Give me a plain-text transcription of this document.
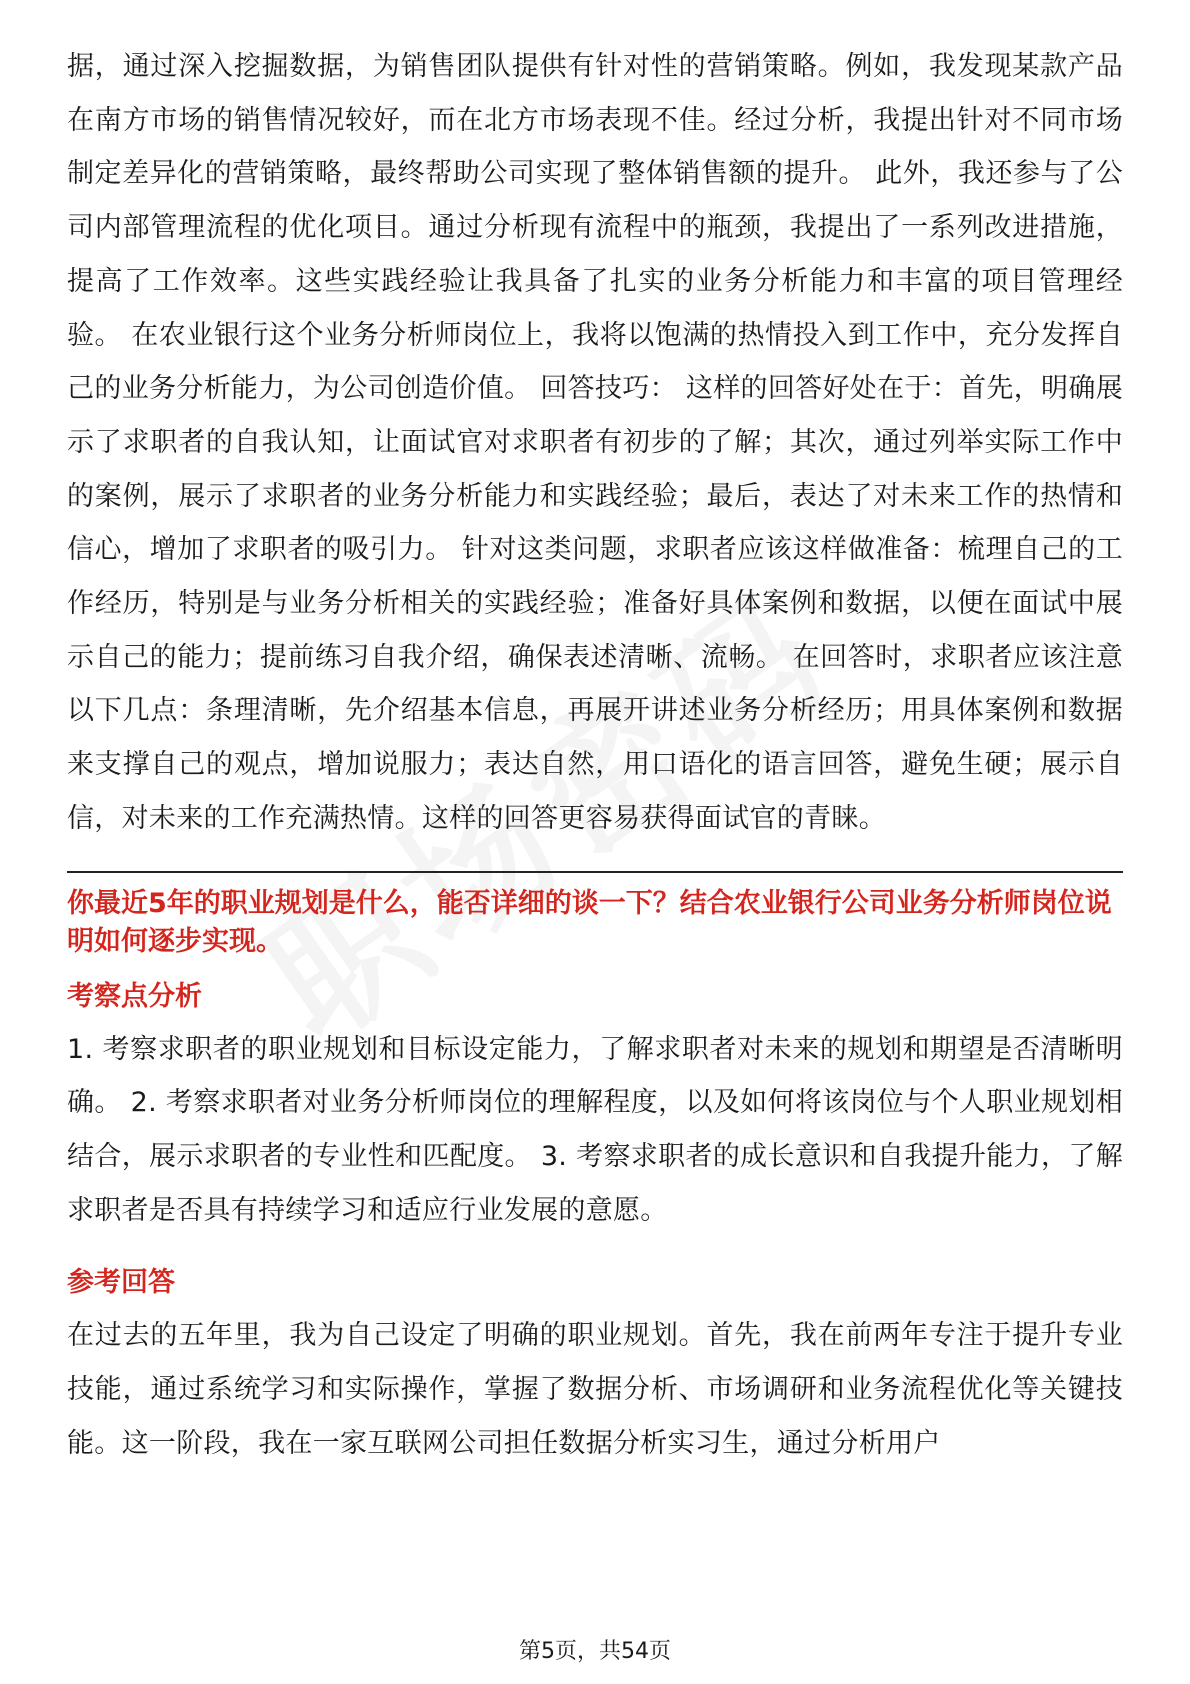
据，通过深入挖掘数据，为销售团队提供有针对性的营销策略。例如，我发现某款产品在南方市场的销售情况较好，而在北方市场表现不佳。经过分析，我提出针对不同市场制定差异化的营销策略，最终帮助公司实现了整体销售额的提升。 此外，我还参与了公司内部管理流程的优化项目。通过分析现有流程中的瓶颈，我提出了一系列改进措施，提高了工作效率。这些实践经验让我具备了扎实的业务分析能力和丰富的项目管理经验。 在农业银行这个业务分析师岗位上，我将以饱满的热情投入到工作中，充分发挥自己的业务分析能力，为公司创造价值。 回答技巧： 这样的回答好处在于：首先，明确展示了求职者的自我认知，让面试官对求职者有初步的了解；其次，通过列举实际工作中的案例，展示了求职者的业务分析能力和实践经验；最后，表达了对未来工作的热情和信心，增加了求职者的吸引力。 针对这类问题，求职者应该这样做准备：梳理自己的工作经历，特别是与业务分析相关的实践经验；准备好具体案例和数据，以便在面试中展示自己的能力；提前练习自我介绍，确保表述清晰、流畅。 在回答时，求职者应该注意以下几点：条理清晰，先介绍基本信息，再展开讲述业务分析经历；用具体案例和数据来支撑自己的观点，增加说服力；表达自然，用口语化的语言回答，避免生硬；展示自信，对未来的工作充满热情。这样的回答更容易获得面试官的青睐。

你最近5年的职业规划是什么，能否详细的谈一下？结合农业银行公司业务分析师岗位说明如何逐步实现。

考察点分析

1. 考察求职者的职业规划和目标设定能力，了解求职者对未来的规划和期望是否清晰明确。 2. 考察求职者对业务分析师岗位的理解程度，以及如何将该岗位与个人职业规划相结合，展示求职者的专业性和匹配度。 3. 考察求职者的成长意识和自我提升能力，了解求职者是否具有持续学习和适应行业发展的意愿。

参考回答

在过去的五年里，我为自己设定了明确的职业规划。首先，我在前两年专注于提升专业技能，通过系统学习和实际操作，掌握了数据分析、市场调研和业务流程优化等关键技能。这一阶段，我在一家互联网公司担任数据分析实习生，通过分析用户

第5页，共54页
